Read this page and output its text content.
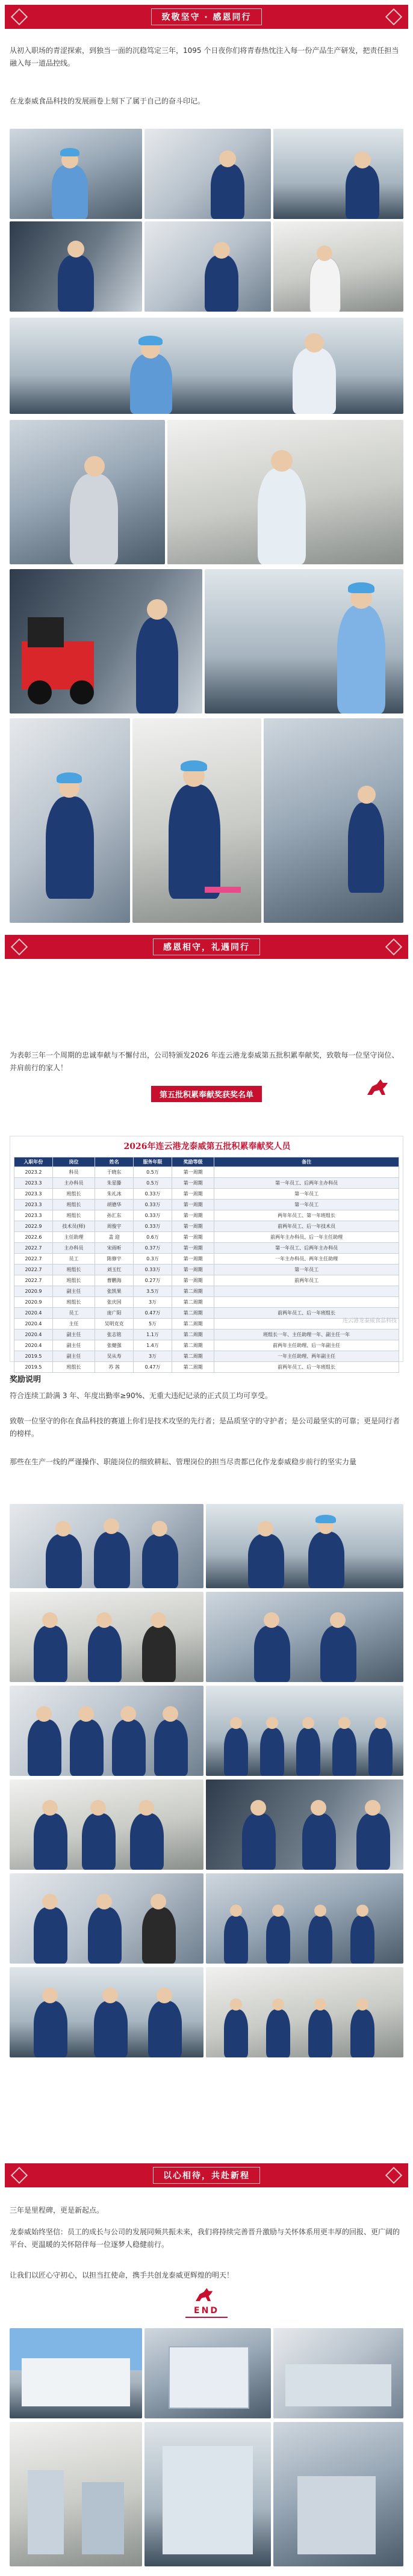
致敬坚守 · 感恩同行

从初入职场的青涩探索，到独当一面的沉稳笃定三年，1095 个日夜你们将青春热忱注入每一份产品生产研发，把责任担当融入每一道品控线。

在龙泰威食品科技的发展画卷上刻下了属于自己的奋斗印记。

感恩相守，礼遇同行

为表彰三年一个周期的忠诚奉献与不懈付出，公司特颁发2026 年连云港龙泰威第五批积累奉献奖，致敬每一位坚守岗位、并肩前行的家人！

第五批积累奉献奖获奖名单
2026年连云港龙泰威第五批积累奉献奖人员
入职年份	岗位	姓名	服务年限	奖励等级	备注
2023.2	科员	于晓东	0.5万	第一周期	
2023.3	主办科员	朱星滕	0.5万	第一周期	第一年员工、后两年主办科员
2023.3	班组长	朱礼冰	0.33万	第一周期	第一年员工
2023.3	班组长	胡德华	0.33万	第一周期	第一年员工
2023.3	班组长	孙汇东	0.33万	第一周期	两年年员工、第一年班组长
2022.9	技术员(师)	周俊宇	0.33万	第一周期	前两年员工、后一年技术员
2022.6	主任助理	盖 迎	0.6万	第一周期	前两年主办科员、后一年主任助理
2022.7	主办科员	宋雨昕	0.37万	第一周期	第一年员工、后两年主办科员
2022.7	员工	陈修宇	0.3万	第一周期	一年主办科员、两年主任助理
2022.7	班组长	刘玉红	0.33万	第一周期	第一年员工
2022.7	班组长	曹鹏海	0.27万	第一周期	前两年员工
2020.9	副主任	张凯果	3.5万	第二周期	
2020.9	班组长	张庆国	3万	第二周期	
2020.4	员工	庞广阳	0.47万	第二周期	前两年员工、后一年班组长
2020.4	主任	吴明克克	5万	第二周期	
2020.4	副主任	张志铭	1.1万	第二周期	班组长一年、主任助理一年、副主任一年
2020.4	副主任	张健强	1.4万	第二周期	前两年主任助理、后一年副主任
2019.5	副主任	吴从寿	3万	第二周期	一年主任助理、两年副主任
2019.5	班组长	苏 茜	0.47万	第二周期	前两年员工、后一年班组长
连云港龙泰威食品科技
奖励说明

符合连续工龄满 3 年、年度出勤率≥90%、无重大违纪记录的正式员工均可享受。

致敬一位坚守的你在食品科技的赛道上你们是技术攻坚的先行者；是品质坚守的守护者；是公司最坚实的可靠；更是同行者的榜样。

那些在生产一线的严谨操作、职能岗位的细致耕耘、管理岗位的担当尽责都已化作龙泰威稳步前行的坚实力量

以心相待，共赴新程

三年是里程碑，更是新起点。

龙泰威始终坚信：员工的成长与公司的发展同频共振未来，我们将持续完善晋升激励与关怀体系用更丰厚的回报、更广阔的平台、更温暖的关怀陪伴每一位逐梦人稳健前行。

让我们以匠心守初心，以担当扛使命，携手共创龙泰威更辉煌的明天！

END
